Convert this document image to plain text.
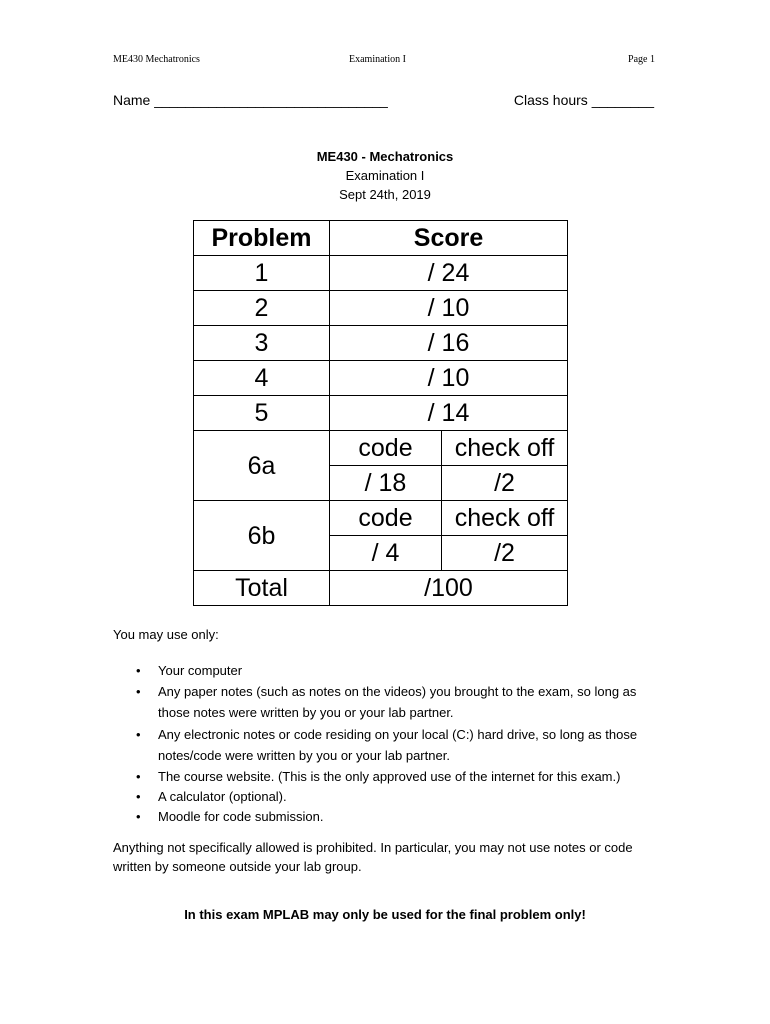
ME430 Mechatronics	Examination I	Page 1
Name ______________________________	Class hours ________
ME430 - Mechatronics
Examination I
Sept 24th, 2019
Problem	Score	
1	/ 24	
2	/ 10	
3	/ 16	
4	/ 10	
5	/ 14	
6a	code	check off
	/ 18	/2
6b	code	check off
	/ 4	/2
Total	/100	
You may use only:
• Your computer
• Any paper notes (such as notes on the videos) you brought to the exam, so long as those notes were written by you or your lab partner.
• Any electronic notes or code residing on your local (C:) hard drive, so long as those notes/code were written by you or your lab partner.
• The course website. (This is the only approved use of the internet for this exam.)
• A calculator (optional).
• Moodle for code submission.
Anything not specifically allowed is prohibited. In particular, you may not use notes or code written by someone outside your lab group.
In this exam MPLAB may only be used for the final problem only!
